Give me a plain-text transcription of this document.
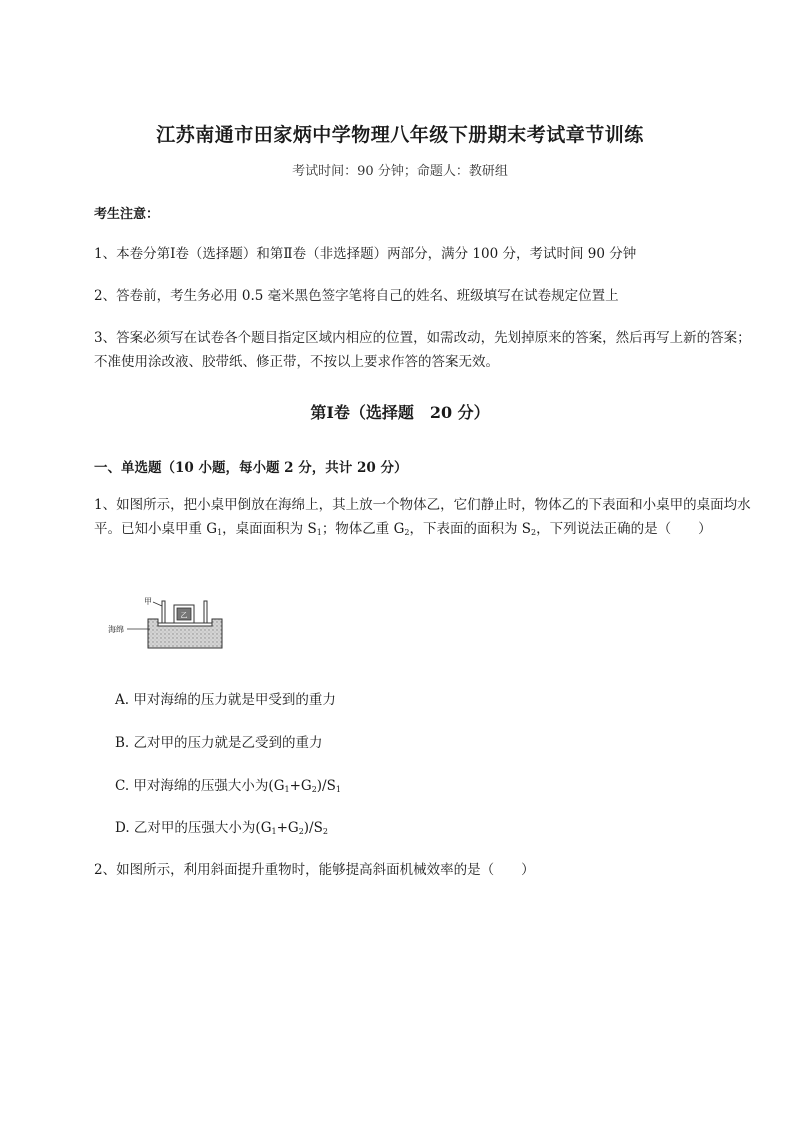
江苏南通市田家炳中学物理八年级下册期末考试章节训练
考试时间：90 分钟；命题人：教研组
考生注意：
1、本卷分第Ⅰ卷（选择题）和第Ⅱ卷（非选择题）两部分，满分 100 分，考试时间 90 分钟
2、答卷前，考生务必用 0.5 毫米黑色签字笔将自己的姓名、班级填写在试卷规定位置上
3、答案必须写在试卷各个题目指定区域内相应的位置，如需改动，先划掉原来的答案，然后再写上新的答案；不准使用涂改液、胶带纸、修正带，不按以上要求作答的答案无效。
第Ⅰ卷（选择题　20 分）
一、单选题（10 小题，每小题 2 分，共计 20 分）
1、如图所示，把小桌甲倒放在海绵上，其上放一个物体乙，它们静止时，物体乙的下表面和小桌甲的桌面均水平。已知小桌甲重 $G_1$，桌面面积为 $S_1$；物体乙重 $G_2$，下表面的面积为 $S_2$，下列说法正确的是（　　）
乙
甲
海绵
A. 甲对海绵的压力就是甲受到的重力
B. 乙对甲的压力就是乙受到的重力
C. 甲对海绵的压强大小为$(G_1+G_2)/S_1$
D. 乙对甲的压强大小为$(G_1+G_2)/S_2$
2、如图所示，利用斜面提升重物时，能够提高斜面机械效率的是（　　）
